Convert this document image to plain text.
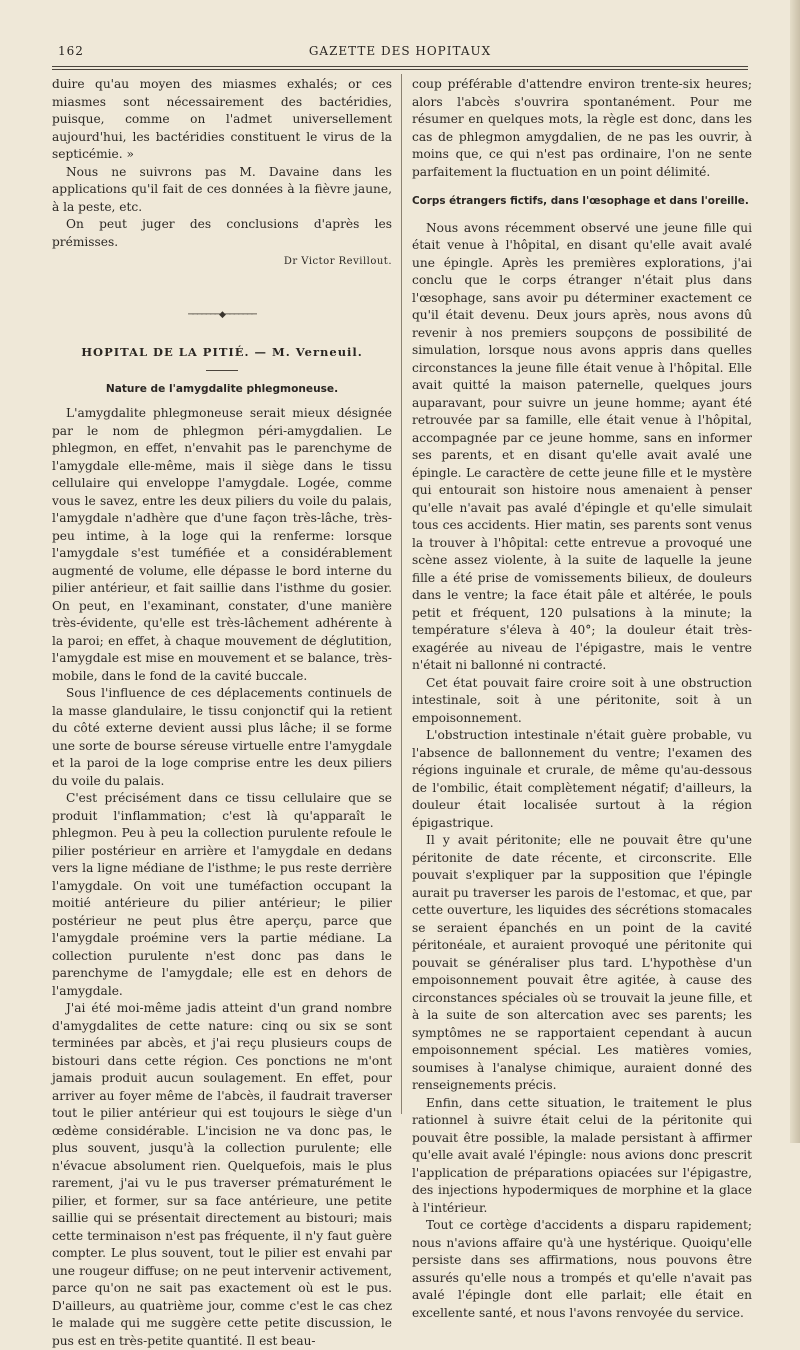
162	GAZETTE DES HOPITAUX

duire qu'au moyen des miasmes exhalés; or ces miasmes sont nécessairement des bactéridies, puisque, comme on l'admet universellement aujourd'hui, les bactéridies constituent le virus de la septicémie. »

Nous ne suivrons pas M. Davaine dans les applications qu'il fait de ces données à la fièvre jaune, à la peste, etc.

On peut juger des conclusions d'après les prémisses.

Dr Victor Revillout.
───────◆───────
HOPITAL DE LA PITIÉ. — M. Verneuil.
Nature de l'amygdalite phlegmoneuse.

L'amygdalite phlegmoneuse serait mieux désignée par le nom de phlegmon péri-amygdalien. Le phlegmon, en effet, n'envahit pas le parenchyme de l'amygdale elle-même, mais il siège dans le tissu cellulaire qui enveloppe l'amygdale. Logée, comme vous le savez, entre les deux piliers du voile du palais, l'amygdale n'adhère que d'une façon très-lâche, très-peu intime, à la loge qui la renferme: lorsque l'amygdale s'est tuméfiée et a considérablement augmenté de volume, elle dépasse le bord interne du pilier antérieur, et fait saillie dans l'isthme du gosier. On peut, en l'examinant, constater, d'une manière très-évidente, qu'elle est très-lâchement adhérente à la paroi; en effet, à chaque mouvement de déglutition, l'amygdale est mise en mouvement et se balance, très-mobile, dans le fond de la cavité buccale.

Sous l'influence de ces déplacements continuels de la masse glandulaire, le tissu conjonctif qui la retient du côté externe devient aussi plus lâche; il se forme une sorte de bourse séreuse virtuelle entre l'amygdale et la paroi de la loge comprise entre les deux piliers du voile du palais.

C'est précisément dans ce tissu cellulaire que se produit l'inflammation; c'est là qu'apparaît le phlegmon. Peu à peu la collection purulente refoule le pilier postérieur en arrière et l'amygdale en dedans vers la ligne médiane de l'isthme; le pus reste derrière l'amygdale. On voit une tuméfaction occupant la moitié antérieure du pilier antérieur; le pilier postérieur ne peut plus être aperçu, parce que l'amygdale proémine vers la partie médiane. La collection purulente n'est donc pas dans le parenchyme de l'amygdale; elle est en dehors de l'amygdale.

J'ai été moi-même jadis atteint d'un grand nombre d'amygdalites de cette nature: cinq ou six se sont terminées par abcès, et j'ai reçu plusieurs coups de bistouri dans cette région. Ces ponctions ne m'ont jamais produit aucun soulagement. En effet, pour arriver au foyer même de l'abcès, il faudrait traverser tout le pilier antérieur qui est toujours le siège d'un œdème considérable. L'incision ne va donc pas, le plus souvent, jusqu'à la collection purulente; elle n'évacue absolument rien. Quelquefois, mais le plus rarement, j'ai vu le pus traverser prématurément le pilier, et former, sur sa face antérieure, une petite saillie qui se présentait directement au bistouri; mais cette terminaison n'est pas fréquente, il n'y faut guère compter. Le plus souvent, tout le pilier est envahi par une rougeur diffuse; on ne peut intervenir activement, parce qu'on ne sait pas exactement où est le pus. D'ailleurs, au quatrième jour, comme c'est le cas chez le malade qui me suggère cette petite discussion, le pus est en très-petite quantité. Il est beau-

coup préférable d'attendre environ trente-six heures; alors l'abcès s'ouvrira spontanément. Pour me résumer en quelques mots, la règle est donc, dans les cas de phlegmon amygdalien, de ne pas les ouvrir, à moins que, ce qui n'est pas ordinaire, l'on ne sente parfaitement la fluctuation en un point délimité.

Corps étrangers fictifs, dans l'œsophage et dans l'oreille.

Nous avons récemment observé une jeune fille qui était venue à l'hôpital, en disant qu'elle avait avalé une épingle. Après les premières explorations, j'ai conclu que le corps étranger n'était plus dans l'œsophage, sans avoir pu déterminer exactement ce qu'il était devenu. Deux jours après, nous avons dû revenir à nos premiers soupçons de possibilité de simulation, lorsque nous avons appris dans quelles circonstances la jeune fille était venue à l'hôpital. Elle avait quitté la maison paternelle, quelques jours auparavant, pour suivre un jeune homme; ayant été retrouvée par sa famille, elle était venue à l'hôpital, accompagnée par ce jeune homme, sans en informer ses parents, et en disant qu'elle avait avalé une épingle. Le caractère de cette jeune fille et le mystère qui entourait son histoire nous amenaient à penser qu'elle n'avait pas avalé d'épingle et qu'elle simulait tous ces accidents. Hier matin, ses parents sont venus la trouver à l'hôpital: cette entrevue a provoqué une scène assez violente, à la suite de laquelle la jeune fille a été prise de vomissements bilieux, de douleurs dans le ventre; la face était pâle et altérée, le pouls petit et fréquent, 120 pulsations à la minute; la température s'éleva à 40°; la douleur était très-exagérée au niveau de l'épigastre, mais le ventre n'était ni ballonné ni contracté.

Cet état pouvait faire croire soit à une obstruction intestinale, soit à une péritonite, soit à un empoisonnement.

L'obstruction intestinale n'était guère probable, vu l'absence de ballonnement du ventre; l'examen des régions inguinale et crurale, de même qu'au-dessous de l'ombilic, était complètement négatif; d'ailleurs, la douleur était localisée surtout à la région épigastrique.

Il y avait péritonite; elle ne pouvait être qu'une péritonite de date récente, et circonscrite. Elle pouvait s'expliquer par la supposition que l'épingle aurait pu traverser les parois de l'estomac, et que, par cette ouverture, les liquides des sécrétions stomacales se seraient épanchés en un point de la cavité péritonéale, et auraient provoqué une péritonite qui pouvait se généraliser plus tard. L'hypothèse d'un empoisonnement pouvait être agitée, à cause des circonstances spéciales où se trouvait la jeune fille, et à la suite de son altercation avec ses parents; les symptômes ne se rapportaient cependant à aucun empoisonnement spécial. Les matières vomies, soumises à l'analyse chimique, auraient donné des renseignements précis.

Enfin, dans cette situation, le traitement le plus rationnel à suivre était celui de la péritonite qui pouvait être possible, la malade persistant à affirmer qu'elle avait avalé l'épingle: nous avions donc prescrit l'application de préparations opiacées sur l'épigastre, des injections hypodermiques de morphine et la glace à l'intérieur.

Tout ce cortège d'accidents a disparu rapidement; nous n'avions affaire qu'à une hystérique. Quoiqu'elle persiste dans ses affirmations, nous pouvons être assurés qu'elle nous a trompés et qu'elle n'avait pas avalé l'épingle dont elle parlait; elle était en excellente santé, et nous l'avons renvoyée du service.
